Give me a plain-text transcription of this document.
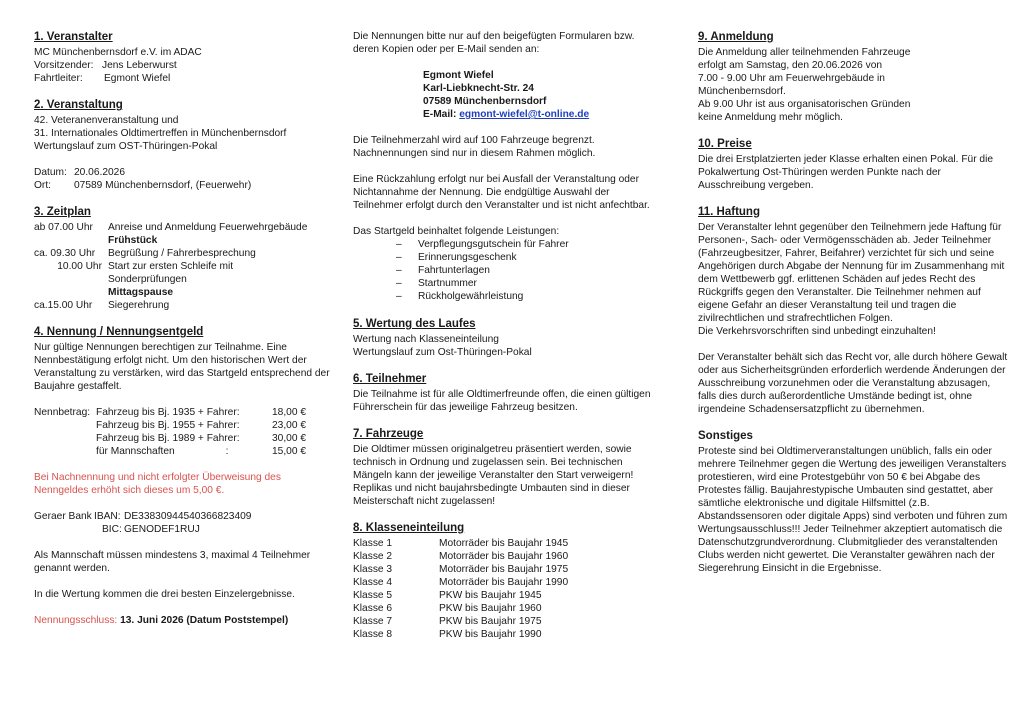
1. Veranstalter

MC Münchenbernsdorf e.V. im ADAC

Vorsitzender: Jens Leberwurst
Fahrtleiter:	Egmont Wiefel
2. Veranstaltung

42. Veteranenveranstaltung und

31. Internationales Oldtimertreffen in Münchenbernsdorf

Wertungslauf zum OST-Thüringen-Pokal

Datum: 20.06.2026
Ort:	07589 Münchenbernsdorf, (Feuerwehr)
3. Zeitplan
ab 07.00 Uhr	Anreise und Anmeldung Feuerwehrgebäude
Frühstück
ca. 09.30 Uhr	Begrüßung / Fahrerbesprechung
10.00 Uhr Start zur ersten Schleife mit
Sonderprüfungen
Mittagspause
ca.15.00 Uhr	Siegerehrung
4. Nennung / Nennungsentgeld

Nur gültige Nennungen berechtigen zur Teilnahme. Eine Nennbestätigung erfolgt nicht. Um den historischen Wert der Veranstaltung zu verstärken, wird das Startgeld entsprechend der Baujahre gestaffelt.

Nennbetrag: Fahrzeug bis Bj. 1935 + Fahrer:	18,00 €
Fahrzeug bis Bj. 1955 + Fahrer:	23,00 €
Fahrzeug bis Bj. 1989 + Fahrer:	30,00 €
für Mannschaften                  :	15,00 €

Bei Nachnennung und nicht erfolgter Überweisung des Nenngeldes erhöht sich dieses um 5,00 €.

Geraer Bank IBAN: DE33830944540366823409
BIC: GENODEF1RUJ

Als Mannschaft müssen mindestens 3, maximal 4 Teilnehmer genannt werden.

In die Wertung kommen die drei besten Einzelergebnisse.

Nennungsschluss: 13. Juni 2026 (Datum Poststempel)

Die Nennungen bitte nur auf den beigefügten Formularen bzw. deren Kopien oder per E-Mail senden an:

Egmont Wiefel

Karl-Liebknecht-Str. 24

07589 Münchenbernsdorf

E-Mail: egmont-wiefel@t-online.de

Die Teilnehmerzahl wird auf 100 Fahrzeuge begrenzt. Nachnennungen sind nur in diesem Rahmen möglich.

Eine Rückzahlung erfolgt nur bei Ausfall der Veranstaltung oder Nichtannahme der Nennung. Die endgültige Auswahl der Teilnehmer erfolgt durch den Veranstalter und ist nicht anfechtbar.

Das Startgeld beinhaltet folgende Leistungen:

–	Verpflegungsgutschein für Fahrer
–	Erinnerungsgeschenk
–	Fahrtunterlagen
–	Startnummer
–	Rückholgewährleistung
5. Wertung des Laufes

Wertung nach Klasseneinteilung

Wertungslauf zum Ost-Thüringen-Pokal

6. Teilnehmer

Die Teilnahme ist für alle Oldtimerfreunde offen, die einen gültigen Führerschein für das jeweilige Fahrzeug besitzen.

7. Fahrzeuge

Die Oldtimer müssen originalgetreu präsentiert werden, sowie technisch in Ordnung und zugelassen sein. Bei technischen Mängeln kann der jeweilige Veranstalter den Start verweigern! Replikas und nicht baujahrsbedingte Umbauten sind in dieser Meisterschaft nicht zugelassen!

8. Klasseneinteilung
Klasse 1	Motorräder bis Baujahr 1945
Klasse 2	Motorräder bis Baujahr 1960
Klasse 3	Motorräder bis Baujahr 1975
Klasse 4	Motorräder bis Baujahr 1990
Klasse 5	PKW bis Baujahr 1945
Klasse 6	PKW bis Baujahr 1960
Klasse 7	PKW bis Baujahr 1975
Klasse 8	PKW bis Baujahr 1990
9. Anmeldung

Die Anmeldung aller teilnehmenden Fahrzeuge

erfolgt am Samstag, den 20.06.2026 von

7.00 - 9.00 Uhr am Feuerwehrgebäude in

Münchenbernsdorf.

Ab 9.00 Uhr ist aus organisatorischen Gründen

keine Anmeldung mehr möglich.

10. Preise

Die drei Erstplatzierten jeder Klasse erhalten einen Pokal. Für die Pokalwertung Ost-Thüringen werden Punkte nach der Ausschreibung vergeben.

11. Haftung

Der Veranstalter lehnt gegenüber den Teilnehmern jede Haftung für Personen-, Sach- oder Vermögensschäden ab. Jeder Teilnehmer (Fahrzeugbesitzer, Fahrer, Beifahrer) verzichtet für sich und seine Angehörigen durch Abgabe der Nennung für im Zusammenhang mit dem Wettbewerb ggf. erlittenen Schäden auf jedes Recht des Rückgriffs gegen den Veranstalter. Die Teilnehmer nehmen auf eigene Gefahr an dieser Veranstaltung teil und tragen die zivilrechtlichen und strafrechtlichen Folgen.

Die Verkehrsvorschriften sind unbedingt einzuhalten!

Der Veranstalter behält sich das Recht vor, alle durch höhere Gewalt oder aus Sicherheitsgründen erforderlich werdende Änderungen der Ausschreibung vorzunehmen oder die Veranstaltung abzusagen, falls dies durch außerordentliche Umstände bedingt ist, ohne irgendeine Schadensersatzpflicht zu übernehmen.

Sonstiges

Proteste sind bei Oldtimerveranstaltungen unüblich, falls ein oder mehrere Teilnehmer gegen die Wertung des jeweiligen Veranstalters protestieren, wird eine Protestgebühr von 50 € bei Abgabe des Protestes fällig. Baujahrestypische Umbauten sind gestattet, aber sämtliche elektronische und digitale Hilfsmittel (z.B. Abstandssensoren oder digitale Apps) sind verboten und führen zum Wertungsausschluss!!! Jeder Teilnehmer akzeptiert automatisch die Datenschutzgrundverordnung. Clubmitglieder des veranstaltenden Clubs werden nicht gewertet. Die Veranstalter gewähren nach der Siegerehrung Einsicht in die Ergebnisse.
